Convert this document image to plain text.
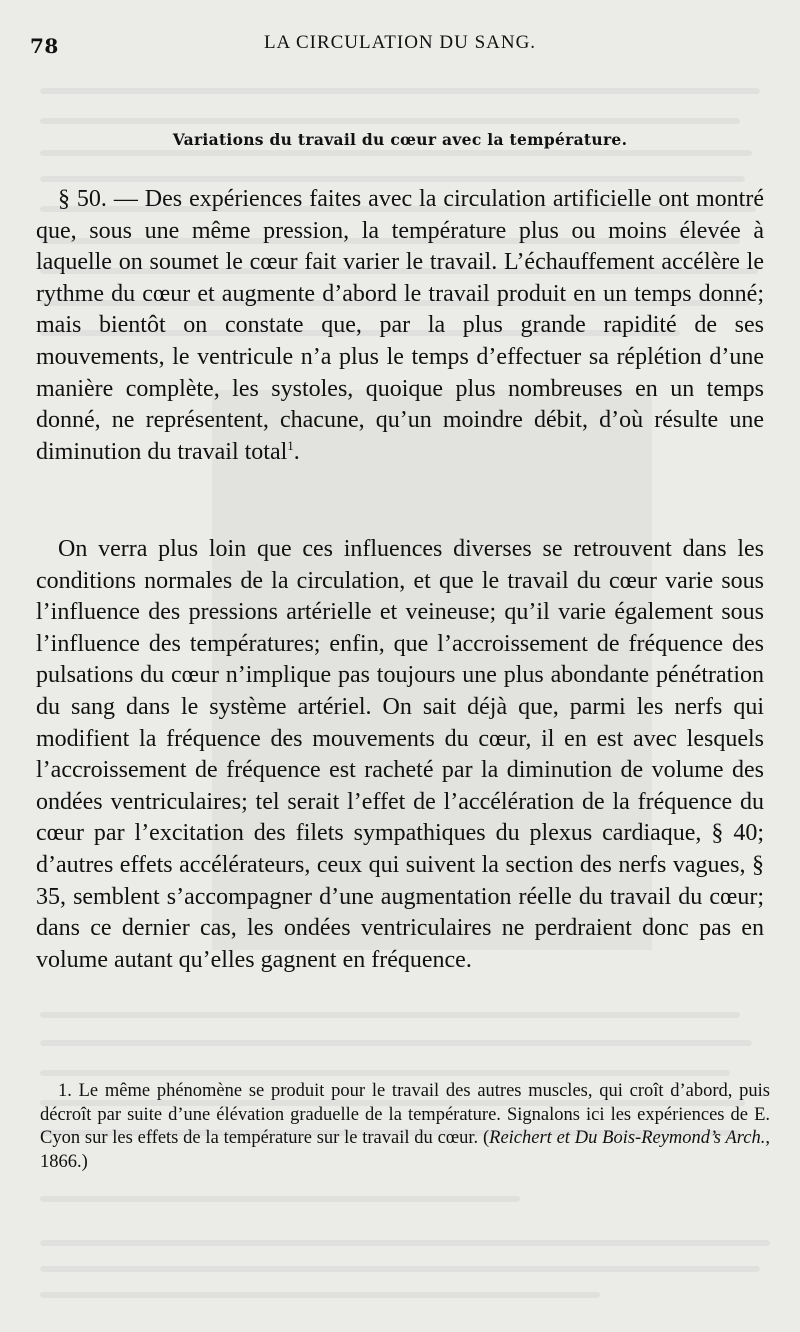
78	LA CIRCULATION DU SANG.
Variations du travail du cœur avec la température.

§ 50. — Des expériences faites avec la circulation artificielle ont montré que, sous une même pression, la température plus ou moins élevée à laquelle on soumet le cœur fait varier le travail. L’échauffement accélère le rythme du cœur et augmente d’abord le travail produit en un temps donné; mais bientôt on constate que, par la plus grande rapidité de ses mouvements, le ventricule n’a plus le temps d’effectuer sa réplétion d’une manière complète, les systoles, quoique plus nombreuses en un temps donné, ne représentent, chacune, qu’un moindre débit, d’où résulte une diminution du travail total$^1$.

On verra plus loin que ces influences diverses se retrouvent dans les conditions normales de la circulation, et que le travail du cœur varie sous l’influence des pressions artérielle et veineuse; qu’il varie également sous l’influence des températures; enfin, que l’accroissement de fréquence des pulsations du cœur n’implique pas toujours une plus abondante pénétration du sang dans le système artériel. On sait déjà que, parmi les nerfs qui modifient la fréquence des mouvements du cœur, il en est avec lesquels l’accroissement de fréquence est racheté par la diminution de volume des ondées ventriculaires; tel serait l’effet de l’accélération de la fréquence du cœur par l’excitation des filets sympathiques du plexus cardiaque, § 40; d’autres effets accélérateurs, ceux qui suivent la section des nerfs vagues, § 35, semblent s’accompagner d’une augmentation réelle du travail du cœur; dans ce dernier cas, les ondées ventriculaires ne perdraient donc pas en volume autant qu’elles gagnent en fréquence.

1. Le même phénomène se produit pour le travail des autres muscles, qui croît d’abord, puis décroît par suite d’une élévation graduelle de la température. Signalons ici les expériences de E. Cyon sur les effets de la température sur le travail du cœur. (Reichert et Du Bois-Reymond’s Arch., 1866.)
